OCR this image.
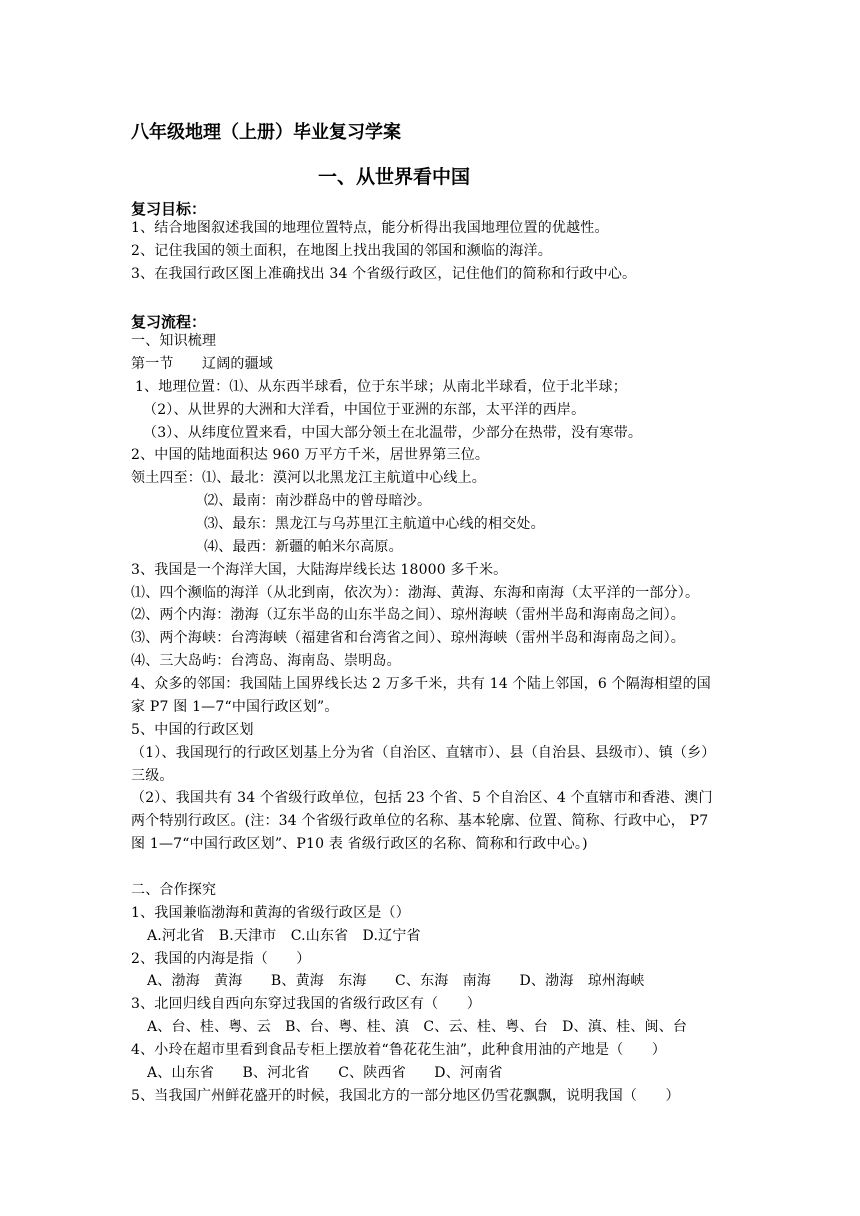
八年级地理（上册）毕业复习学案
一、从世界看中国
复习目标：
1、结合地图叙述我国的地理位置特点，能分析得出我国地理位置的优越性。
2、记住我国的领土面积，在地图上找出我国的邻国和濒临的海洋。
3、在我国行政区图上准确找出 34 个省级行政区，记住他们的简称和行政中心。
复习流程：
一、知识梳理
第一节　　辽阔的疆域
1、地理位置：⑴、从东西半球看，位于东半球；从南北半球看，位于北半球；
（2）、从世界的大洲和大洋看，中国位于亚洲的东部，太平洋的西岸。
（3）、从纬度位置来看，中国大部分领土在北温带，少部分在热带，没有寒带。
2、中国的陆地面积达 960 万平方千米，居世界第三位。
领土四至：⑴、最北：漠河以北黑龙江主航道中心线上。
⑵、最南：南沙群岛中的曾母暗沙。
⑶、最东：黑龙江与乌苏里江主航道中心线的相交处。
⑷、最西：新疆的帕米尔高原。
3、我国是一个海洋大国，大陆海岸线长达 18000 多千米。
⑴、四个濒临的海洋（从北到南，依次为）：渤海、黄海、东海和南海（太平洋的一部分）。
⑵、两个内海：渤海（辽东半岛的山东半岛之间）、琼州海峡（雷州半岛和海南岛之间）。
⑶、两个海峡：台湾海峡（福建省和台湾省之间）、琼州海峡（雷州半岛和海南岛之间）。
⑷、三大岛屿：台湾岛、海南岛、崇明岛。
4、众多的邻国：我国陆上国界线长达 2 万多千米，共有 14 个陆上邻国，6 个隔海相望的国
家 P7 图 1—7“中国行政区划”。
5、中国的行政区划
（1）、我国现行的行政区划基上分为省（自治区、直辖市）、县（自治县、县级市）、镇（乡）
三级。
（2）、我国共有 34 个省级行政单位，包括 23 个省、5 个自治区、4 个直辖市和香港、澳门
两个特别行政区。(注：34 个省级行政单位的名称、基本轮廓、位置、简称、行政中心， P7
图 1—7“中国行政区划”、P10 表 省级行政区的名称、简称和行政中心。)
二、合作探究
1、我国兼临渤海和黄海的省级行政区是（）
A.河北省　B.天津市　C.山东省　D.辽宁省
2、我国的内海是指（　　）
A、渤海　黄海　　B、黄海　东海　　C、东海　南海　　D、渤海　琼州海峡
3、北回归线自西向东穿过我国的省级行政区有（　　）
A、台、桂、粤、云　B、台、粤、桂、滇　C、云、桂、粤、台　D、滇、桂、闽、台
4、小玲在超市里看到食品专柜上摆放着“鲁花花生油”，此种食用油的产地是（　　）
A、山东省　　B、河北省　　C、陕西省　　D、河南省
5、当我国广州鲜花盛开的时候，我国北方的一部分地区仍雪花飘飘，说明我国（　　）
